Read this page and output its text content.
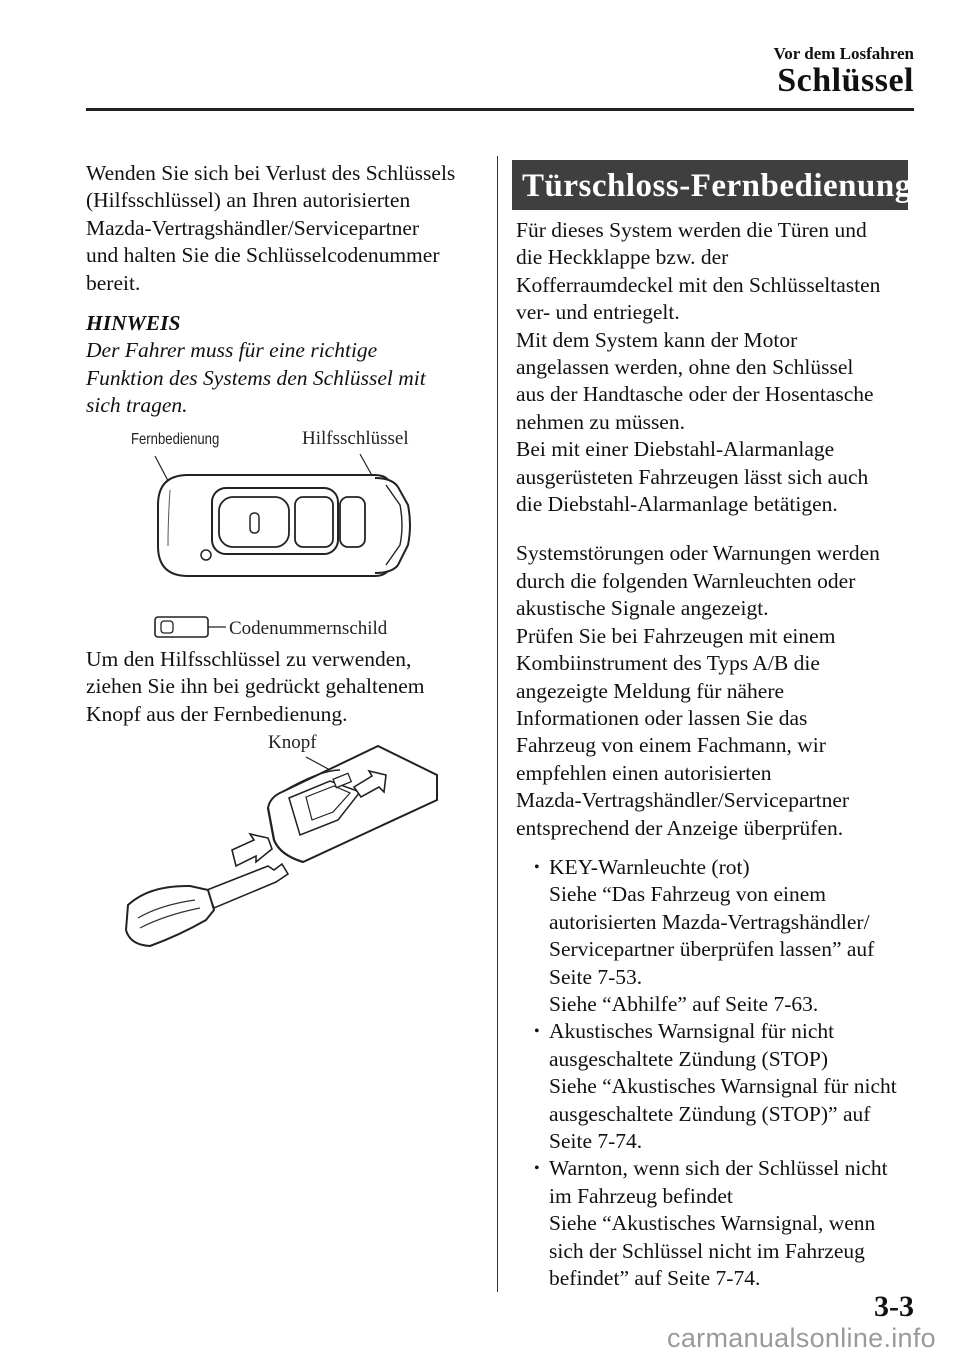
Vor dem Losfahren
Schlüssel

Wenden Sie sich bei Verlust des Schlüssels
(Hilfsschlüssel) an Ihren autorisierten
Mazda-Vertragshändler/Servicepartner
und halten Sie die Schlüsselcodenummer
bereit.

HINWEIS

Der Fahrer muss für eine richtige
Funktion des Systems den Schlüssel mit
sich tragen.

Fernbedienung	Hilfsschlüssel
Codenummernschild

Um den Hilfsschlüssel zu verwenden,
ziehen Sie ihn bei gedrückt gehaltenem
Knopf aus der Fernbedienung.

Knopf
Türschloss-Fernbedienung

Für dieses System werden die Türen und
die Heckklappe bzw. der
Kofferraumdeckel mit den Schlüsseltasten
ver- und entriegelt.
Mit dem System kann der Motor
angelassen werden, ohne den Schlüssel
aus der Handtasche oder der Hosentasche
nehmen zu müssen.
Bei mit einer Diebstahl-Alarmanlage
ausgerüsteten Fahrzeugen lässt sich auch
die Diebstahl-Alarmanlage betätigen.

Systemstörungen oder Warnungen werden
durch die folgenden Warnleuchten oder
akustische Signale angezeigt.
Prüfen Sie bei Fahrzeugen mit einem
Kombiinstrument des Typs A/B die
angezeigte Meldung für nähere
Informationen oder lassen Sie das
Fahrzeug von einem Fachmann, wir
empfehlen einen autorisierten
Mazda-Vertragshändler/Servicepartner
entsprechend der Anzeige überprüfen.

• KEY-Warnleuchte (rot)
Siehe “Das Fahrzeug von einem
autorisierten Mazda-Vertragshändler/
Servicepartner überprüfen lassen” auf
Seite 7-53.
Siehe “Abhilfe” auf Seite 7-63.
• Akustisches Warnsignal für nicht
ausgeschaltete Zündung (STOP)
Siehe “Akustisches Warnsignal für nicht
ausgeschaltete Zündung (STOP)” auf
Seite 7-74.
• Warnton, wenn sich der Schlüssel nicht
im Fahrzeug befindet
Siehe “Akustisches Warnsignal, wenn
sich der Schlüssel nicht im Fahrzeug
befindet” auf Seite 7-74.
3-3
carmanualsonline.info
